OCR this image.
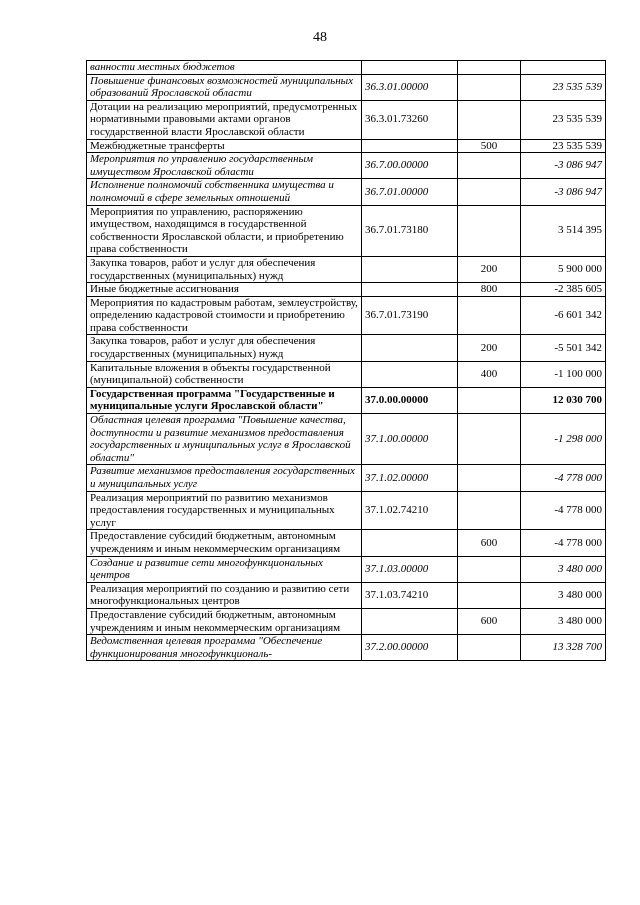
48
ванности местных бюджетов			
Повышение финансовых возможностей муниципальных образований Ярославской области	36.3.01.00000		23 535 539
Дотации на реализацию мероприятий, предусмотренных нормативными правовыми актами органов государственной власти Ярославской области	36.3.01.73260		23 535 539
Межбюджетные трансферты		500	23 535 539
Мероприятия по управлению государственным имуществом Ярославской области	36.7.00.00000		-3 086 947
Исполнение полномочий собственника имущества и полномочий в сфере земельных отношений	36.7.01.00000		-3 086 947
Мероприятия по управлению, распоряжению имуществом, находящимся в государственной собственности Ярославской области, и приобретению права собственности	36.7.01.73180		3 514 395
Закупка товаров, работ и услуг для обеспечения государственных (муниципальных) нужд		200	5 900 000
Иные бюджетные ассигнования		800	-2 385 605
Мероприятия по кадастровым работам, землеустройству, определению кадастровой стоимости и приобретению права собственности	36.7.01.73190		-6 601 342
Закупка товаров, работ и услуг для обеспечения государственных (муниципальных) нужд		200	-5 501 342
Капитальные вложения в объекты государственной (муниципальной) собственности		400	-1 100 000
Государственная программа "Государственные и муниципальные услуги Ярославской области"	37.0.00.00000		12 030 700
Областная целевая программа "Повышение качества, доступности и развитие механизмов предоставления государственных и муниципальных услуг в Ярославской области"	37.1.00.00000		-1 298 000
Развитие механизмов предоставления государственных и муниципальных услуг	37.1.02.00000		-4 778 000
Реализация мероприятий по развитию механизмов предоставления государственных и муниципальных услуг	37.1.02.74210		-4 778 000
Предоставление субсидий бюджетным, автономным учреждениям и иным некоммерческим организациям		600	-4 778 000
Создание и развитие сети многофункциональных центров	37.1.03.00000		3 480 000
Реализация мероприятий по созданию и развитию сети многофункциональных центров	37.1.03.74210		3 480 000
Предоставление субсидий бюджетным, автономным учреждениям и иным некоммерческим организациям		600	3 480 000
Ведомственная целевая программа "Обеспечение функционирования многофункциональ-	37.2.00.00000		13 328 700
